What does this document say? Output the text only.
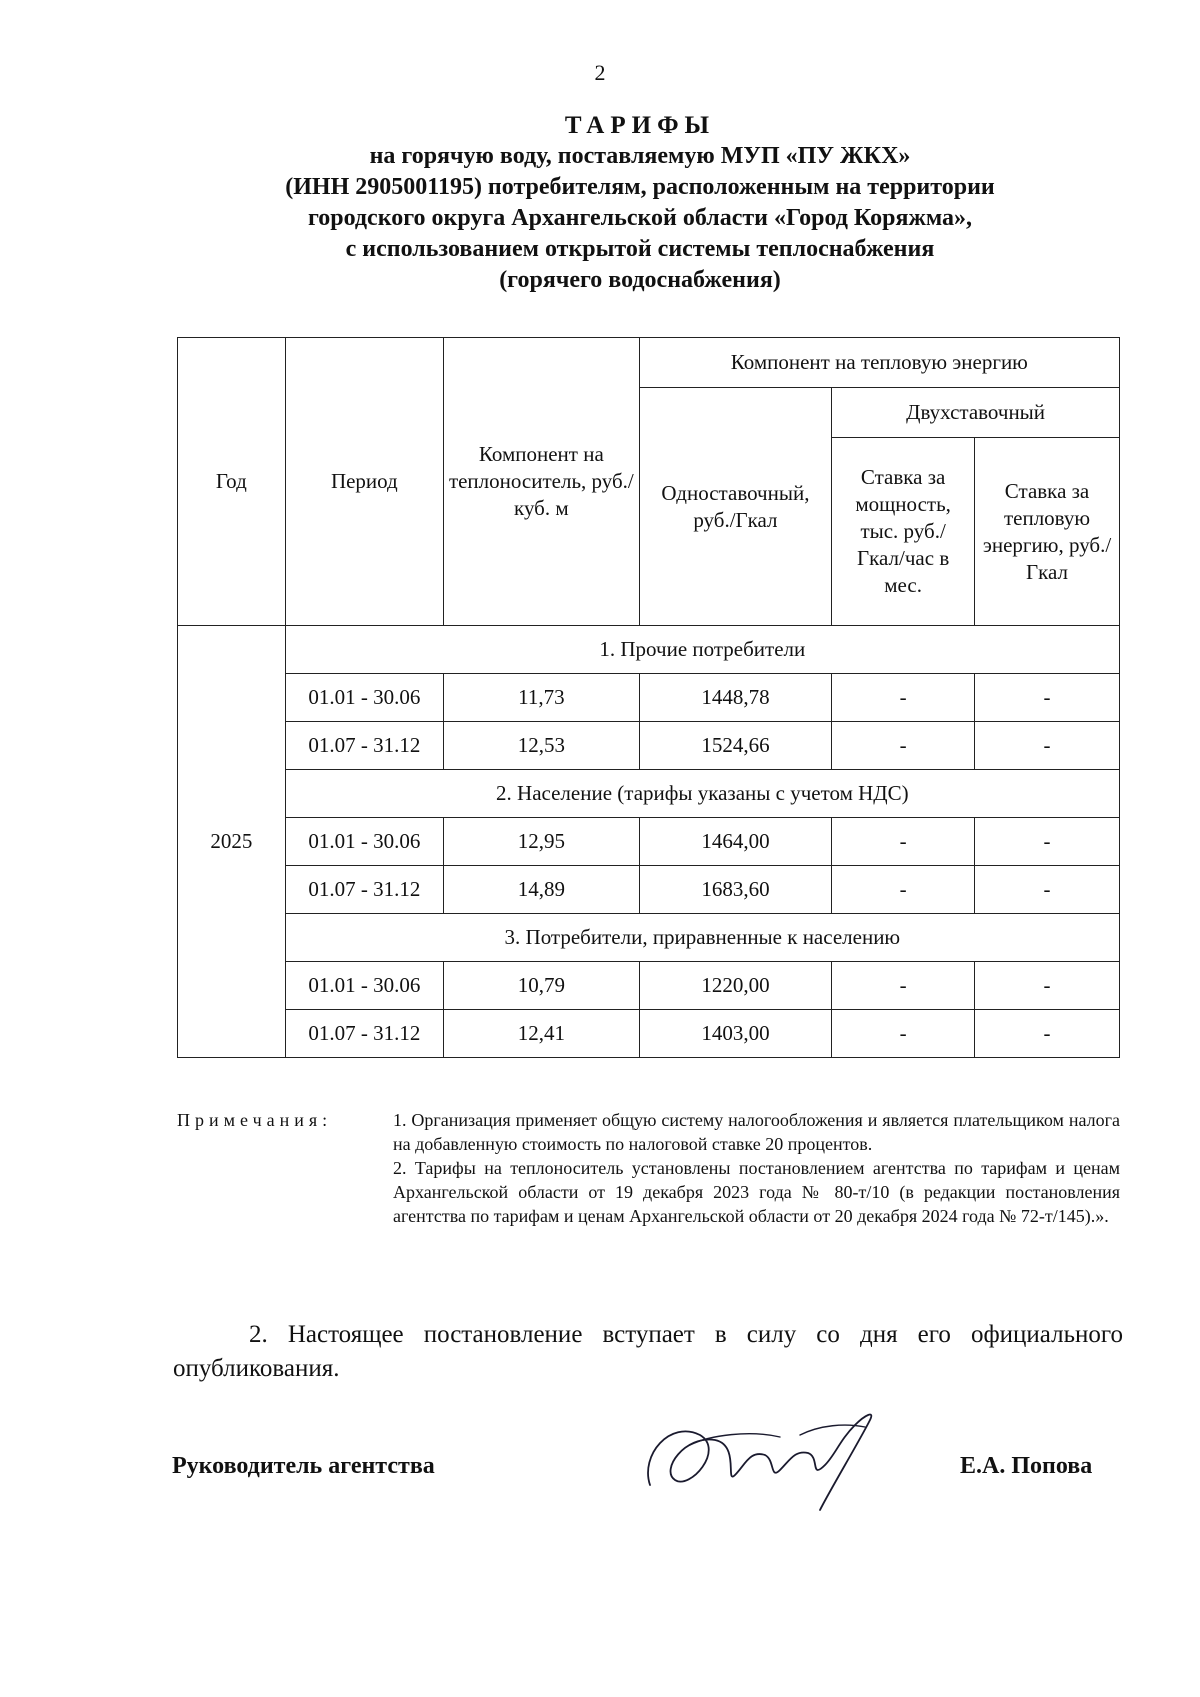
2
ТАРИФЫ
на горячую воду, поставляемую МУП «ПУ ЖКХ»
(ИНН 2905001195) потребителям, расположенным на территории
городского округа Архангельской области «Город Коряжма»,
с использованием открытой системы теплоснабжения
(горячего водоснабжения)
Год	Период	Компонент на теплоноситель, руб./куб. м	Компонент на тепловую энергию		
			Одноставочный, руб./Гкал	Двухставочный	
				Ставка за мощность, тыс. руб./ Гкал/час в мес.	Ставка за тепловую энергию, руб./Гкал
2025	1. Прочие потребители				
	01.01 - 30.06	11,73	1448,78	-	-
	01.07 - 31.12	12,53	1524,66	-	-
	2. Население (тарифы указаны с учетом НДС)				
	01.01 - 30.06	12,95	1464,00	-	-
	01.07 - 31.12	14,89	1683,60	-	-
	3. Потребители, приравненные к населению				
	01.01 - 30.06	10,79	1220,00	-	-
	01.07 - 31.12	12,41	1403,00	-	-
Примечания:	1. Организация применяет общую систему налогообложения и является плательщиком налога на добавленную стоимость по налоговой ставке 20 процентов.

2. Тарифы на теплоноситель установлены постановлением агентства по тарифам и ценам Архангельской области от 19 декабря 2023 года № 80-т/10 (в редакции постановления агентства по тарифам и ценам Архангельской области от 20 декабря 2024 года № 72-т/145).».

2. Настоящее постановление вступает в силу со дня его официального опубликования.
Руководитель агентства	Е.А. Попова
